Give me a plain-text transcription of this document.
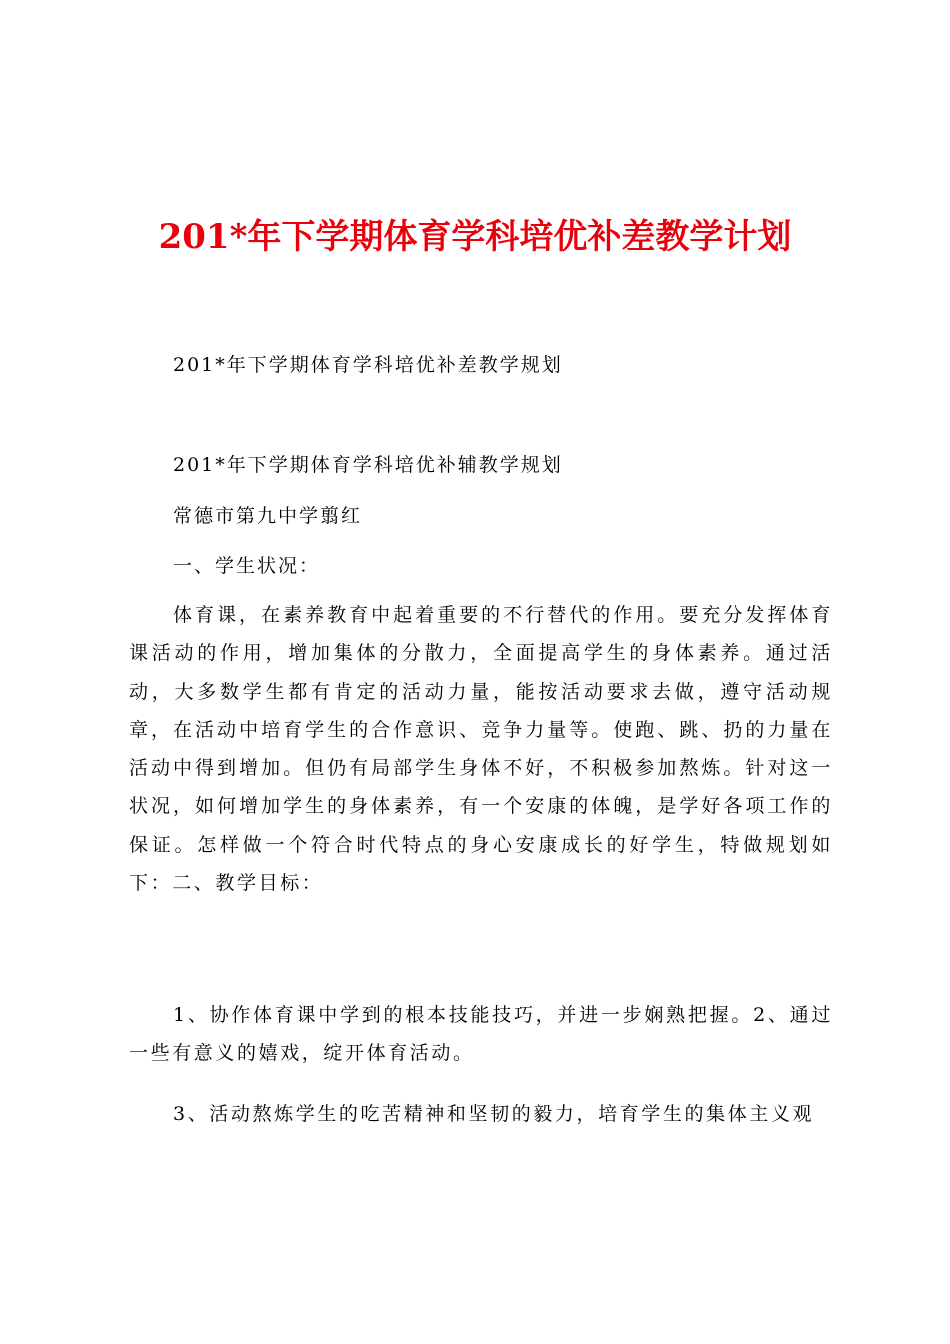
201*年下学期体育学科培优补差教学计划
201*年下学期体育学科培优补差教学规划
201*年下学期体育学科培优补辅教学规划
常德市第九中学翦红
一、学生状况：
体育课，在素养教育中起着重要的不行替代的作用。要充分发挥体育课活动的作用，增加集体的分散力，全面提高学生的身体素养。通过活动，大多数学生都有肯定的活动力量，能按活动要求去做，遵守活动规章，在活动中培育学生的合作意识、竞争力量等。使跑、跳、扔的力量在活动中得到增加。但仍有局部学生身体不好，不积极参加熬炼。针对这一状况，如何增加学生的身体素养，有一个安康的体魄，是学好各项工作的保证。怎样做一个符合时代特点的身心安康成长的好学生，特做规划如下：二、教学目标：
1、协作体育课中学到的根本技能技巧，并进一步娴熟把握。2、通过一些有意义的嬉戏，绽开体育活动。
3、活动熬炼学生的吃苦精神和坚韧的毅力，培育学生的集体主义观
